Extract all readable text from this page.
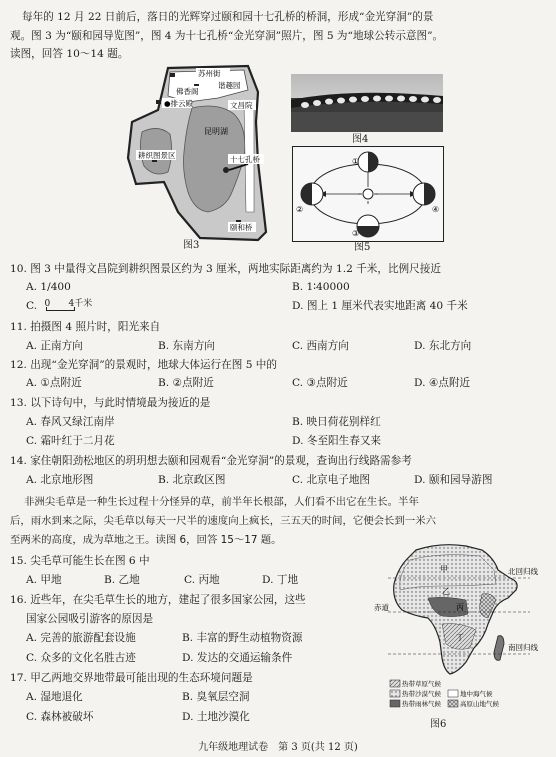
每年的 12 月 22 日前后，落日的光辉穿过颐和园十七孔桥的桥洞，形成“金光穿洞”的景
观。图 3 为“颐和园导览图”，图 4 为十七孔桥“金光穿洞”照片，图 5 为“地球公转示意图”。
读图，回答 10～14 题。
苏州街
谐趣园
佛香阁
●排云殿	文昌院
昆明湖
耕织图景区	十七孔桥
颐和桥
图3
图4
①
②
③
④
图5
10. 图 3 中量得文昌院到耕织图景区约为 3 厘米，两地实际距离约为 1.2 千米，比例尺接近
A. 1/400	B. 1∶40000
C. 0 4千米	D. 图上 1 厘米代表实地距离 40 千米
11. 拍摄图 4 照片时，阳光来自
A. 正南方向	B. 东南方向	C. 西南方向	D. 东北方向
12. 出现“金光穿洞”的景观时，地球大体运行在图 5 中的
A. ①点附近	B. ②点附近	C. ③点附近	D. ④点附近
13. 以下诗句中，与此时情境最为接近的是
A. 春风又绿江南岸	B. 映日荷花别样红
C. 霜叶红于二月花	D. 冬至阳生春又来
14. 家住朝阳劲松地区的玥玥想去颐和园观看“金光穿洞”的景观，查询出行线路需参考
A. 北京地形图	B. 北京政区图	C. 北京电子地图	D. 颐和园导游图
非洲尖毛草是一种生长过程十分怪异的草，前半年长根部，人们看不出它在生长。半年
后，雨水到来之际，尖毛草以每天一尺半的速度向上疯长，三五天的时间，它便会长到一米六
至两米的高度，成为草地之王。读图 6，回答 15～17 题。
15. 尖毛草可能生长在图 6 中
A. 甲地	B. 乙地	C. 丙地	D. 丁地
16. 近些年，在尖毛草生长的地方，建起了很多国家公园，这些
国家公园吸引游客的原因是
A. 完善的旅游配套设施	B. 丰富的野生动植物资源
C. 众多的文化名胜古迹	D. 发达的交通运输条件
17. 甲乙两地交界地带最可能出现的生态环境问题是
A. 湿地退化	B. 臭氧层空洞
C. 森林被破坏	D. 土地沙漠化
北回归线
赤道
南回归线
甲
乙
丙
丁
热带草原气候
热带沙漠气候	地中海气候
热带雨林气候	高原山地气候
图6
九年级地理试卷　第 3 页(共 12 页)
